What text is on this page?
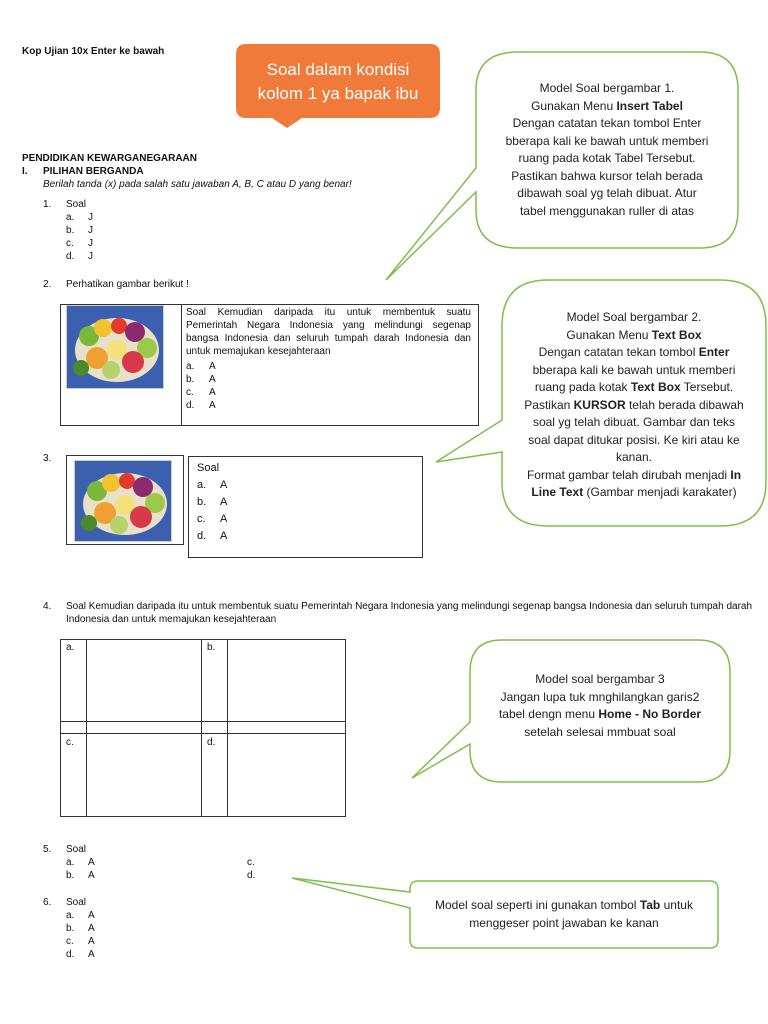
Kop Ujian 10x Enter ke bawah
Soal dalam kondisi
kolom 1 ya bapak ibu
PENDIDIKAN KEWARGANEGARAAN
I. PILIHAN BERGANDA
Berilah tanda (x) pada salah satu jawaban A, B, C atau D yang benar!
1. Soal
a. J
b. J
c. J
d. J
2. Perhatikan gambar berikut !
Soal Kemudian daripada itu untuk membentuk suatu Pemerintah Negara Indonesia yang melindungi segenap bangsa Indonesia dan seluruh tumpah darah Indonesia dan untuk memajukan kesejahteraan
a. A
b. A
c. A
d. A
3.
Soal
a. A
b. A
c. A
d. A
4. Soal Kemudian daripada itu untuk membentuk suatu Pemerintah Negara Indonesia yang melindungi segenap bangsa Indonesia dan seluruh tumpah darah Indonesia dan untuk memajukan kesejahteraan
a.	b.
c.	d.
5. Soal
a. A
b. A
c.
d.
6. Soal
a. A
b. A
c. A
d. A
Model Soal bergambar 1.
Gunakan Menu Insert Tabel
Dengan catatan tekan tombol Enter
bberapa kali ke bawah untuk memberi
ruang pada kotak Tabel Tersebut.
Pastikan bahwa kursor telah berada
dibawah soal yg telah dibuat. Atur
tabel menggunakan ruller di atas
Model Soal bergambar 2.
Gunakan Menu Text Box
Dengan catatan tekan tombol Enter
bberapa kali ke bawah untuk memberi
ruang pada kotak Text Box Tersebut.
Pastikan KURSOR telah berada dibawah
soal yg telah dibuat. Gambar dan teks
soal dapat ditukar posisi. Ke kiri atau ke
kanan.
Format gambar telah dirubah menjadi In
Line Text (Gambar menjadi karakater)
Model soal bergambar 3
Jangan lupa tuk mnghilangkan garis2
tabel dengn menu Home - No Border
setelah selesai mmbuat soal
Model soal seperti ini gunakan tombol Tab untuk
menggeser point jawaban ke kanan
